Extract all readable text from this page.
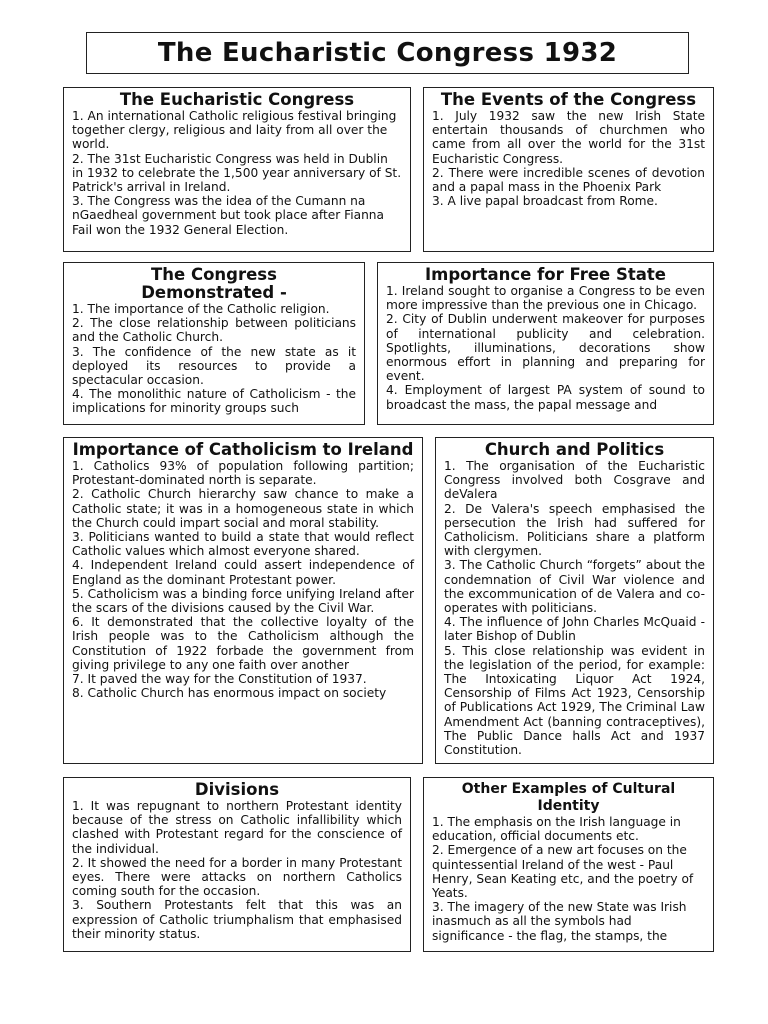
The Eucharistic Congress 1932
The Eucharistic Congress

1. An international Catholic religious festival bringing together clergy, religious and laity from all over the world.

2. The 31st Eucharistic Congress was held in Dublin in 1932 to celebrate the 1,500 year anniversary of St. Patrick's arrival in Ireland.

3. The Congress was the idea of the Cumann na nGaedheal government but took place after Fianna Fail won the 1932 General Election.

The Events of the Congress

1. July 1932 saw the new Irish State entertain thousands of churchmen who came from all over the world for the 31st Eucharistic Congress.

2. There were incredible scenes of devotion and a papal mass in the Phoenix Park

3. A live papal broadcast from Rome.

The Congress Demonstrated -

1. The importance of the Catholic religion.

2. The close relationship between politicians and the Catholic Church.

3. The confidence of the new state as it deployed its resources to provide a spectacular occasion.

4. The monolithic nature of Catholicism - the implications for minority groups such

Importance for Free State

1. Ireland sought to organise a Congress to be even more impressive than the previous one in Chicago.

2. City of Dublin underwent makeover for purposes of international publicity and celebration. Spotlights, illuminations, decorations show enormous effort in planning and preparing for event.

4. Employment of largest PA system of sound to broadcast the mass, the papal message and

Importance of Catholicism to Ireland

1. Catholics 93% of population following partition; Protestant-dominated north is separate.

2. Catholic Church hierarchy saw chance to make a Catholic state; it was in a homogeneous state in which the Church could impart social and moral stability.

3. Politicians wanted to build a state that would reflect Catholic values which almost everyone shared.

4. Independent Ireland could assert independence of England as the dominant Protestant power.

5. Catholicism was a binding force unifying Ireland after the scars of the divisions caused by the Civil War.

6. It demonstrated that the collective loyalty of the Irish people was to the Catholicism although the Constitution of 1922 forbade the government from giving privilege to any one faith over another

7. It paved the way for the Constitution of 1937.

8. Catholic Church has enormous impact on society

Church and Politics

1. The organisation of the Eucharistic Congress involved both Cosgrave and deValera

2. De Valera's speech emphasised the persecution the Irish had suffered for Catholicism. Politicians share a platform with clergymen.

3. The Catholic Church “forgets” about the condemnation of Civil War violence and the excommunication of de Valera and co-operates with politicians.

4. The influence of John Charles McQuaid - later Bishop of Dublin

5. This close relationship was evident in the legislation of the period, for example: The Intoxicating Liquor Act 1924, Censorship of Films Act 1923, Censorship of Publications Act 1929, The Criminal Law Amendment Act (banning contraceptives), The Public Dance halls Act and 1937 Constitution.

Divisions

1. It was repugnant to northern Protestant identity because of the stress on Catholic infallibility which clashed with Protestant regard for the conscience of the individual.

2. It showed the need for a border in many Protestant eyes. There were attacks on northern Catholics coming south for the occasion.

3. Southern Protestants felt that this was an expression of Catholic triumphalism that emphasised their minority status.

Other Examples of Cultural Identity

1. The emphasis on the Irish language in education, official documents etc.

2. Emergence of a new art focuses on the quintessential Ireland of the west - Paul Henry, Sean Keating etc, and the poetry of Yeats.

3. The imagery of the new State was Irish inasmuch as all the symbols had significance - the flag, the stamps, the
